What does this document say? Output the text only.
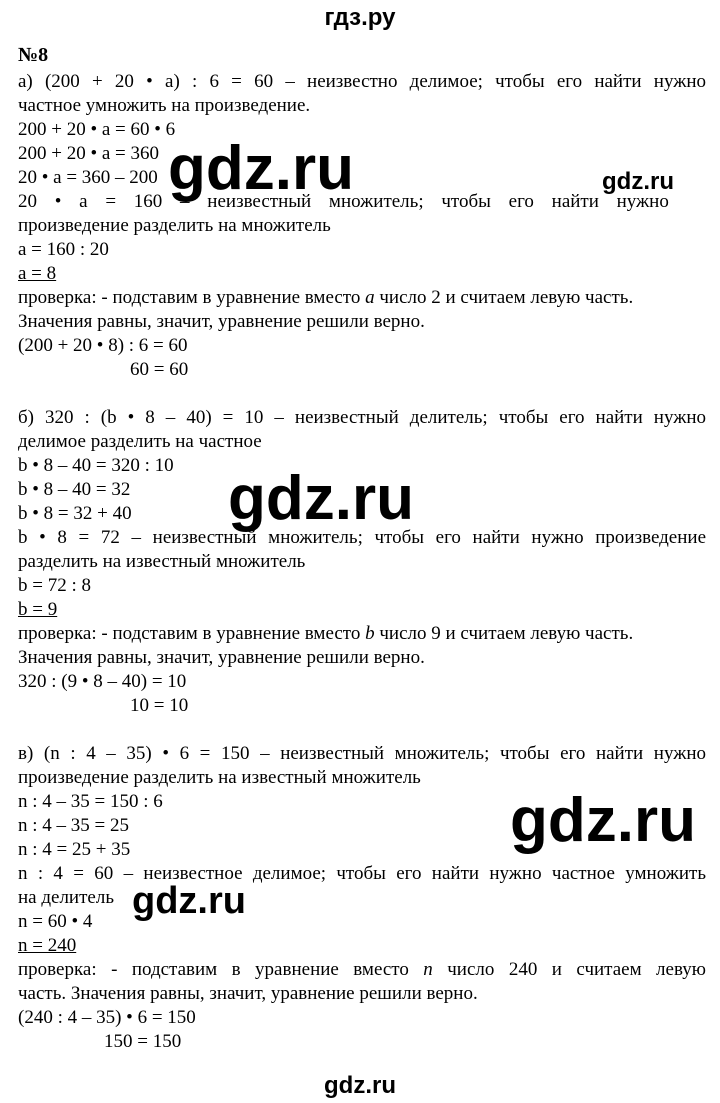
гдз.ру
№8
а) (200 + 20 • а) : 6 = 60 – неизвестно делимое; чтобы его найти нужно
частное умножить на произведение.
200 + 20 • а = 60 • 6
200 + 20 • а = 360
20 • а = 360 – 200
20 • а = 160 – неизвестный множитель; чтобы его найти нужно
произведение разделить на множитель
а = 160 : 20
а = 8
проверка: - подставим в уравнение вместо a число 2 и считаем левую часть.
Значения равны, значит, уравнение решили верно.
(200 + 20 • 8) : 6 = 60
60 = 60
б) 320 : (b • 8 – 40) = 10 – неизвестный делитель; чтобы его найти нужно
делимое разделить на частное
b • 8 – 40 = 320 : 10
b • 8 – 40 = 32
b • 8 = 32 + 40
b • 8 = 72 – неизвестный множитель; чтобы его найти нужно произведение
разделить на известный множитель
b = 72 : 8
b = 9
проверка: - подставим в уравнение вместо b число 9 и считаем левую часть.
Значения равны, значит, уравнение решили верно.
320 : (9 • 8 – 40) = 10
10 = 10
в) (n : 4 – 35) • 6 = 150 – неизвестный множитель; чтобы его найти нужно
произведение разделить на известный множитель
n : 4 – 35 = 150 : 6
n : 4 – 35 = 25
n : 4 = 25 + 35
n : 4 = 60 – неизвестное делимое; чтобы его найти нужно частное умножить
на делитель
n = 60 • 4
n = 240
проверка: - подставим в уравнение вместо n число 240 и считаем левую
часть. Значения равны, значит, уравнение решили верно.
(240 : 4 – 35) • 6 = 150
150 = 150
gdz.ru	gdz.ru
gdz.ru
gdz.ru
gdz.ru
gdz.ru
